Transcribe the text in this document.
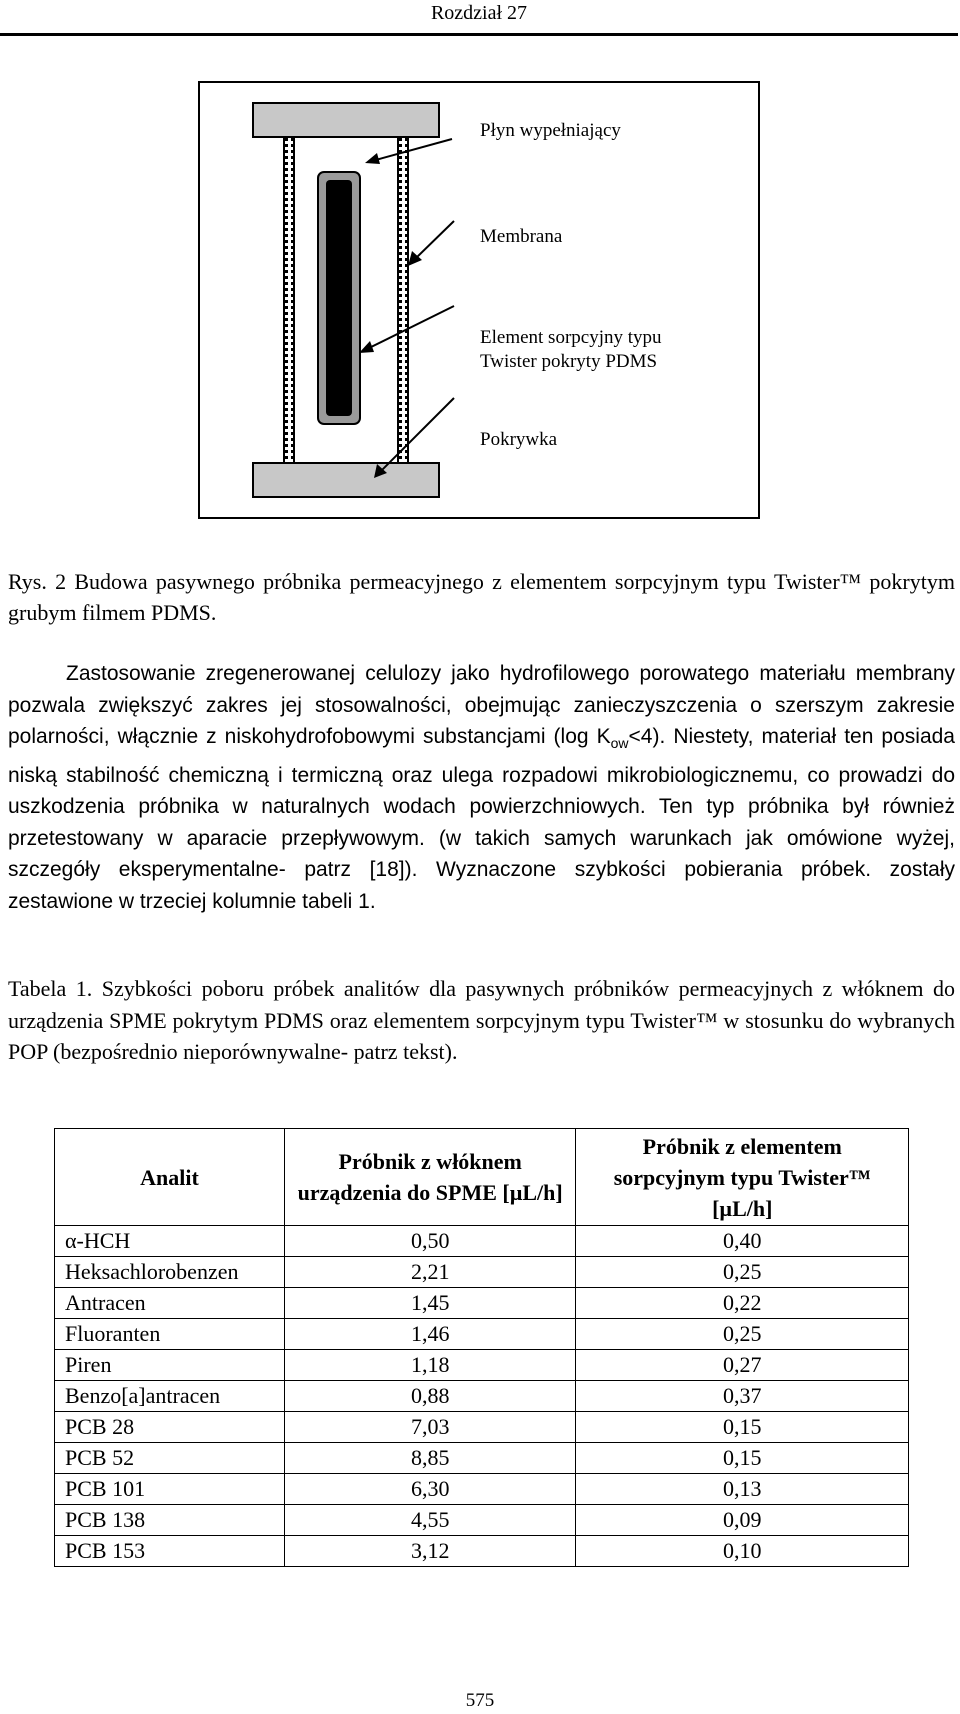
Rozdział 27
Płyn wypełniający
Membrana
Element sorpcyjny typu
Twister pokryty PDMS
Pokrywka

Rys. 2 Budowa pasywnego próbnika permeacyjnego z elementem sorpcyjnym typu Twister™ pokrytym grubym filmem PDMS.

Zastosowanie zregenerowanej celulozy jako hydrofilowego porowatego materiału membrany pozwala zwiększyć zakres jej stosowalności, obejmując zanieczyszczenia o szerszym zakresie polarności, włącznie z niskohydrofobowymi substancjami (log $K_{ow}<4$). Niestety, materiał ten posiada niską stabilność chemiczną i termiczną oraz ulega rozpadowi mikrobiologicznemu, co prowadzi do uszkodzenia próbnika w naturalnych wodach powierzchniowych. Ten typ próbnika był również przetestowany w aparacie przepływowym. (w takich samych warunkach jak omówione wyżej, szczegóły eksperymentalne- patrz [18]). Wyznaczone szybkości pobierania próbek. zostały zestawione w trzeciej kolumnie tabeli 1.

Tabela 1. Szybkości poboru próbek analitów dla pasywnych próbników permeacyjnych z włóknem do urządzenia SPME pokrytym PDMS oraz elementem sorpcyjnym typu Twister™ w stosunku do wybranych POP (bezpośrednio nieporównywalne- patrz tekst).

Analit	Próbnik z włóknem urządzenia do SPME [µL/h]	Próbnik z elementem sorpcyjnym typu Twister™ [µL/h]
α-HCH	0,50	0,40
Heksachlorobenzen	2,21	0,25
Antracen	1,45	0,22
Fluoranten	1,46	0,25
Piren	1,18	0,27
Benzo[a]antracen	0,88	0,37
PCB 28	7,03	0,15
PCB 52	8,85	0,15
PCB 101	6,30	0,13
PCB 138	4,55	0,09
PCB 153	3,12	0,10
575
